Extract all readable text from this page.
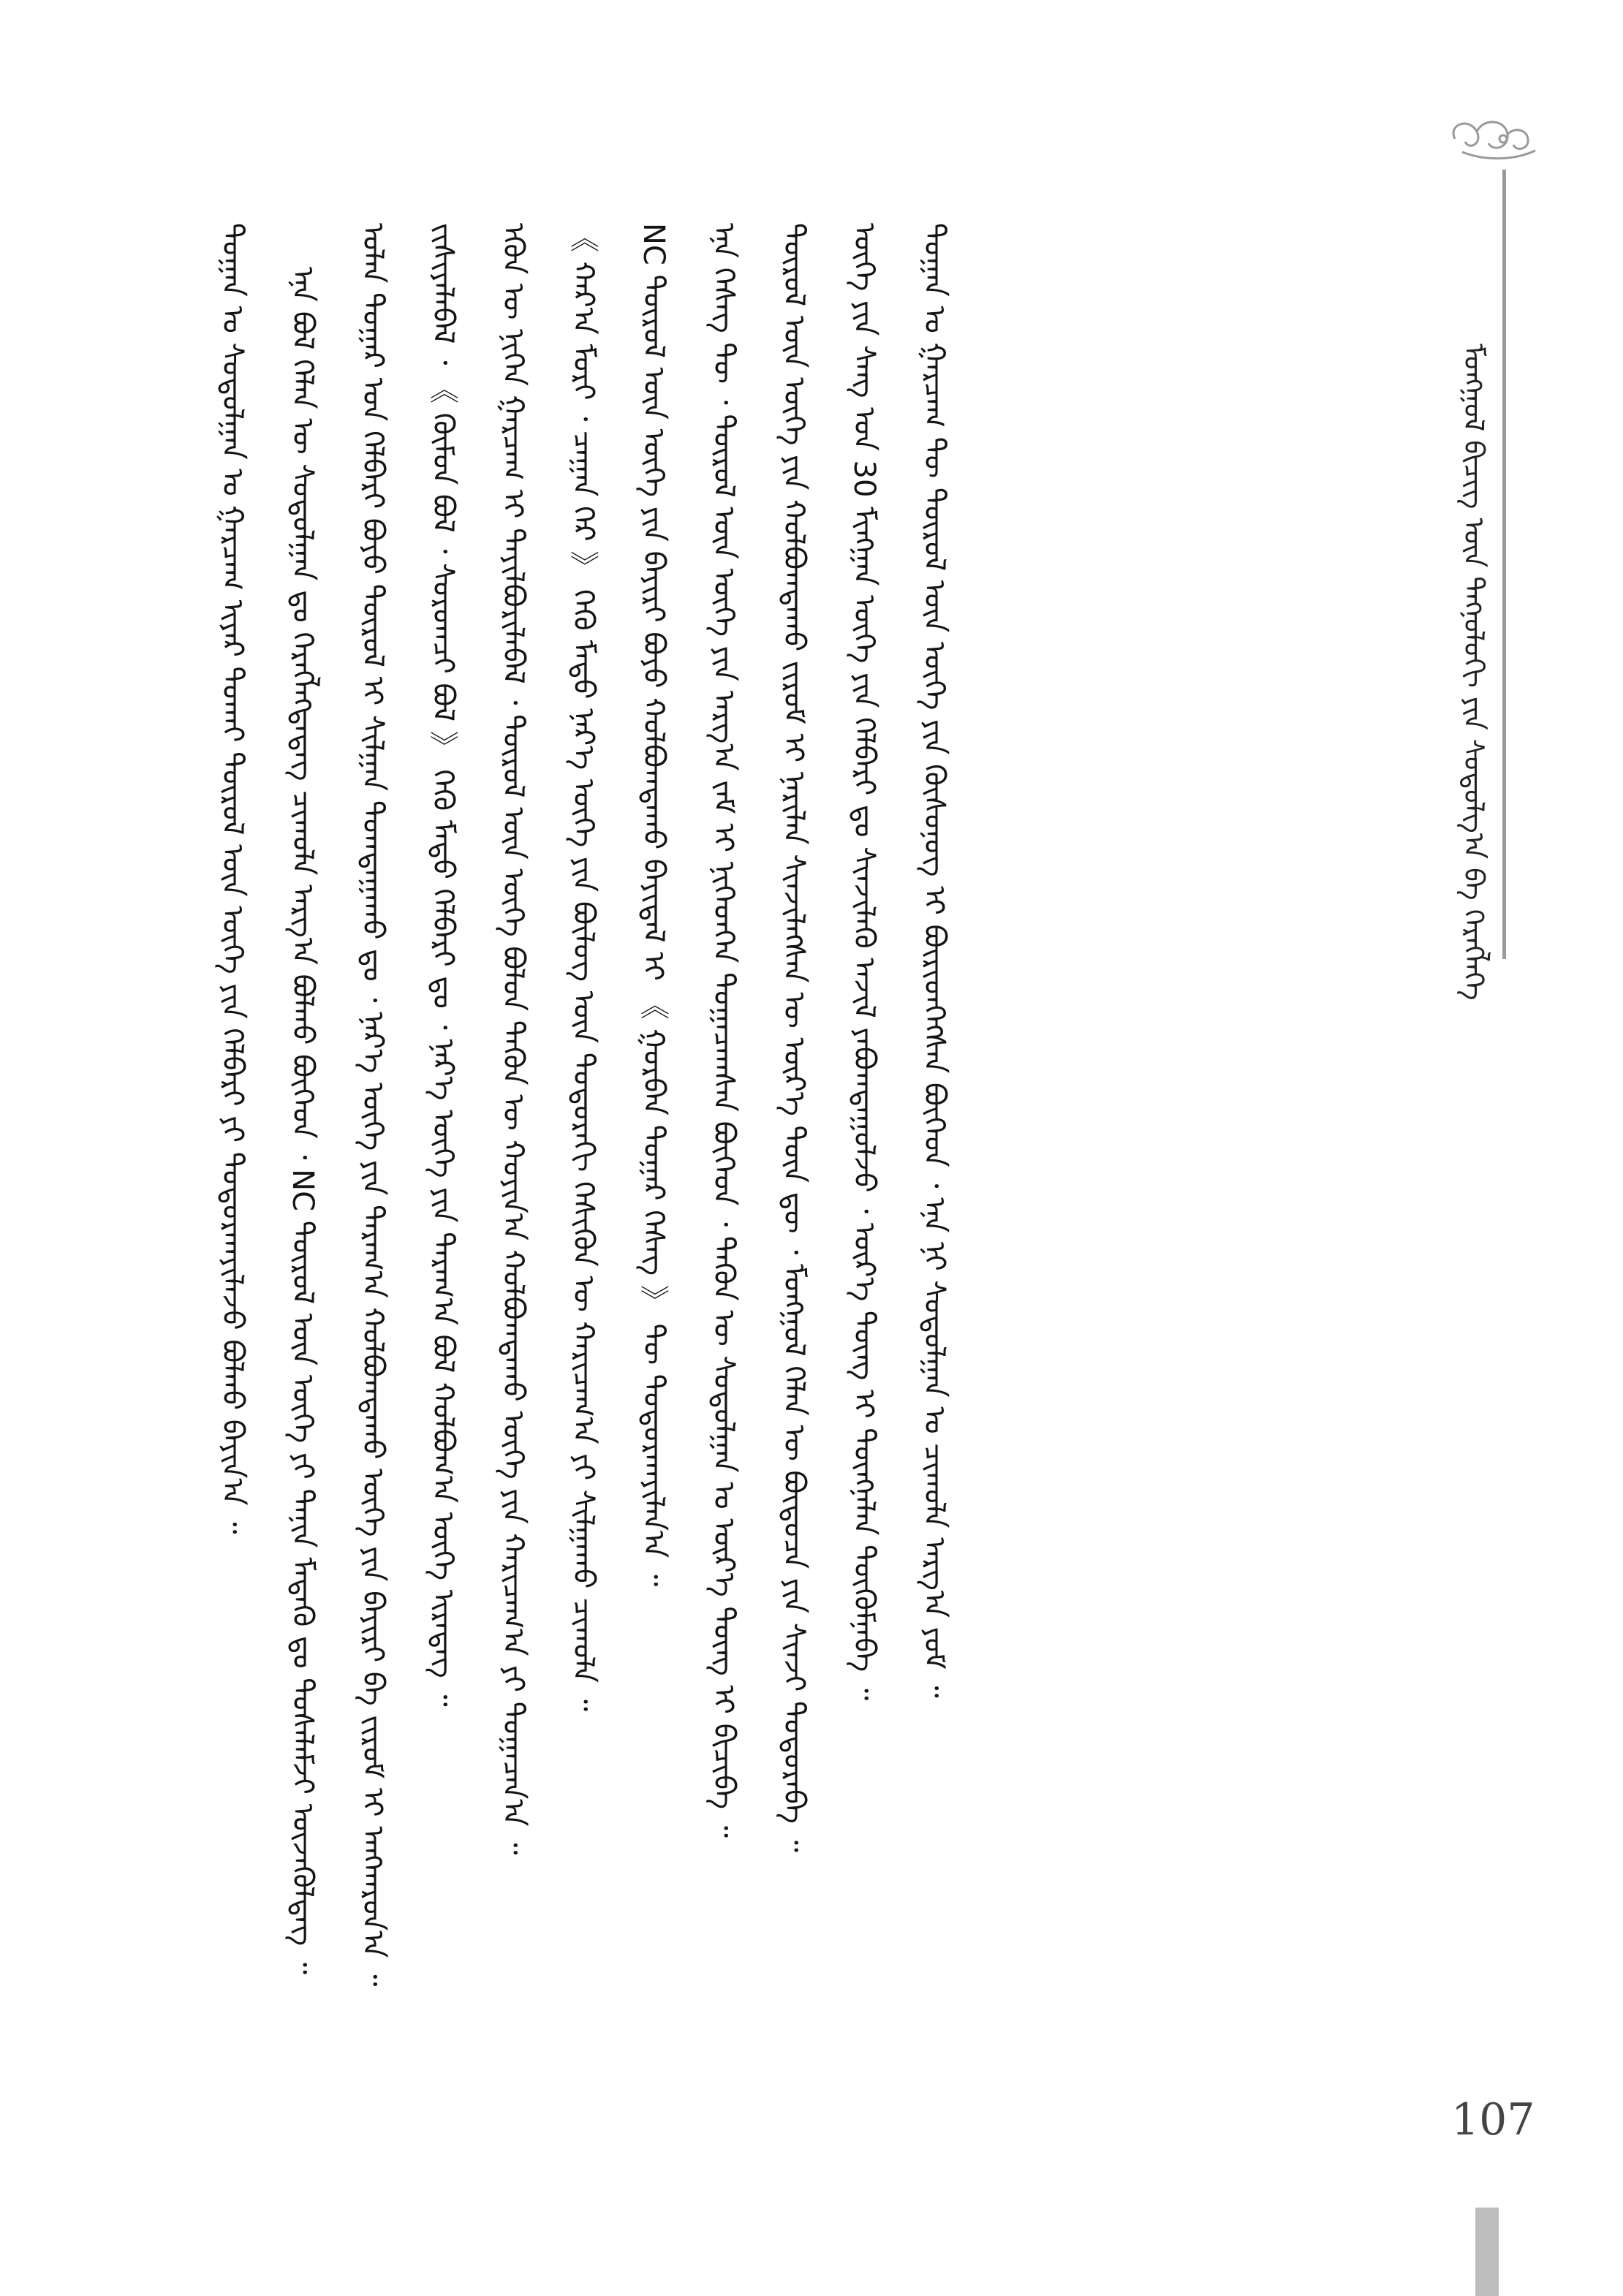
ᠮᠣᠩᠭᠣᠯ ᠪᠢᠴᠢᠭ᠌ ᠦᠨ ᠲᠡᠬᠨᠣᠯᠣᠭᠢ ᠶᠢᠨ ᠰᠤᠳᠤᠯᠭ᠎ᠠ ᠪᠠ ᠬᠡᠷᠡᠭᠯᠡᠭᠡ
107

ᠲᠣᠭᠠᠨ ᠤ ᠰᠤᠳᠤᠯᠭᠠᠨ ᠤ ᠭᠠᠷᠴᠠᠭ ᠢᠶᠡᠷ ᠲᠤᠬᠠᠢ ᠲᠦᠷᠦᠯ ᠦᠨ ᠦᠭᠡ ᠶᠢᠨ ᠬᠡᠯᠪᠡᠷᠢ ᠶᠢ ᠲᠣᠳᠣᠷᠬᠠᠶᠢᠯᠠᠵᠤ ᠪᠣᠯᠬᠤ ᠪᠠᠶᠢᠨ᠎ᠠ ᠃	ᠡᠨᠡ ᠪᠣᠯ ᠬᠡᠯᠡᠨ ᠦ ᠰᠤᠳᠤᠯᠭᠠᠨ ᠳᠤ ᠬᠡᠷᠡᠭᠯᠡᠭᠳᠡᠳᠡᠭ ᠴᠢᠬᠤᠯᠠ ᠠᠷᠭ᠎ᠠ ᠪᠣᠯᠬᠤ ᠪᠥᠭᠡᠳ ᠂ NC ᠲᠦᠷᠦᠯ ᠦᠨ ᠦᠭᠡ ᠶᠢ ᠲᠠᠨᠢᠨ ᠮᠡᠳᠡᠬᠦ ᠳᠤ ᠲᠤᠰᠠᠯᠠᠮᠵᠢ ᠦᠵᠡᠭᠦᠯᠳᠡᠭ ᠃	ᠣᠯᠠᠨ ᠳᠤᠭᠠᠷ ᠤᠨ ᠬᠡᠯᠪᠡᠷᠢ ᠪᠤᠶᠤ ᠲᠦᠷᠦᠯ ᠢ ᠰᠢᠯᠭᠠᠨ ᠲᠣᠭᠲᠠᠭᠠᠬᠤ ᠳᠤ ᠂ ᠨᠡᠷ᠎ᠡ ᠦᠭᠡ ᠶᠢᠨ ᠳᠠᠷᠠᠭ᠎ᠠ ᠬᠣᠯᠪᠣᠭᠳᠠᠬᠤ ᠦᠭᠡ ᠶᠢᠨ ᠪᠠᠶᠢᠷᠢ ᠪᠠ ᠵᠢᠷᠤᠮ ᠢ ᠠᠩᠬᠠᠷᠤᠨ᠎ᠠ ᠃	ᠵᠢᠱᠢᠶᠡᠯᠡᠪᠡᠯ ᠂ 《 ᠬᠦᠮᠦᠨ ᠪᠣᠯ ᠂ ᠰᠤᠷᠤᠭᠴᠢ ᠪᠣᠯ 》 ᠭᠡᠬᠦ ᠮᠡᠲᠦ ᠬᠡᠯᠪᠡᠷᠢ ᠳᠤ ᠂ ᠨᠡᠷ᠎ᠡ ᠦᠭᠡ ᠶᠢᠨ ᠳᠠᠷᠠᠭ᠎ᠠ ᠪᠣᠯ ᠬᠣᠯᠪᠣᠭ᠎ᠠ ᠦᠭᠡ ᠢᠷᠡᠳᠡᠭ ᠃	ᠡᠭᠦᠨ ᠦ ᠨᠢᠭᠡᠨ ᠭᠠᠷᠴᠠᠭ ᠢ ᠲᠠᠶᠢᠯᠪᠤᠷᠢᠯᠠᠪᠠᠯ ᠂ ᠲᠦᠷᠦᠯ ᠦᠨ ᠦᠭᠡ ᠪᠣᠯᠤᠨ ᠲᠡᠭᠦᠨ ᠦ ᠬᠣᠶᠢᠨ᠎ᠠ ᠬᠣᠯᠪᠣᠭᠳᠠᠬᠤ ᠦᠭᠡ ᠶᠢᠨ ᠬᠠᠷᠢᠴᠠᠭ᠎ᠠ ᠶᠢ ᠲᠣᠭᠠᠴᠠᠨ᠎ᠠ ᠃	《 ᠬᠠᠷ᠎ᠠ ᠮᠣᠷᠢ ᠂ ᠴᠠᠭᠠᠨ ᠭᠡᠷ 》 ᠭᠡᠬᠦ ᠮᠡᠲᠦ ᠨᠡᠷ᠎ᠡ ᠦᠭᠡ ᠶᠢᠨ ᠪᠦᠯᠦᠭ ᠦᠨ ᠳᠣᠲᠣᠷᠠᠬᠢ ᠭᠡᠰᠢᠭᠦᠨ ᠦ ᠬᠠᠷᠢᠴᠠᠭ᠎ᠠ ᠶᠢ ᠰᠢᠯᠭᠠᠬᠤ ᠴᠢᠬᠤᠯᠠ ᠃	NC ᠲᠦᠷᠦᠯ ᠦᠨ ᠦᠭᠡ ᠶᠢᠨ ᠪᠠᠶᠢᠷᠢ ᠪᠤᠶᠤ ᠬᠣᠯᠪᠣᠭᠳᠠᠬᠤ ᠪᠠᠶᠢᠳᠠᠯ ᠢ 《 ᠭᠤᠷᠪᠠᠨ ᠳᠤᠭᠠᠷ ᠬᠡᠰᠡᠭ 》 ᠲᠦ ᠲᠣᠳᠣᠷᠬᠠᠶᠢᠯᠠᠨ᠎ᠠ ᠃	ᠡᠨᠡ ᠬᠡᠰᠡᠭ ᠲᠦ ᠂ ᠲᠦᠷᠦᠯ ᠦᠨ ᠦᠭᠡ ᠶᠢᠨ ᠠᠷᠭ᠎ᠠ ᠵᠠᠮ ᠢ ᠨᠢᠭᠡᠳᠬᠡᠨ ᠲᠣᠭᠠᠴᠠᠭᠰᠠᠨ ᠪᠥᠭᠡᠳ ᠂ ᠲᠡᠭᠦᠨ ᠦ ᠰᠤᠳᠤᠯᠭᠠᠨ ᠤ ᠦᠷ᠎ᠡ ᠳᠦᠩ ᠢ ᠪᠢᠴᠢᠪᠡ ᠃	ᠲᠦᠷᠦᠯ ᠦᠨ ᠦᠭᠡ ᠶᠢᠨ ᠬᠣᠯᠪᠣᠭᠳᠠᠬᠤ ᠵᠢᠷᠤᠮ ᠢ ᠨᠠᠷᠢᠯᠠᠨ ᠰᠢᠨᠵᠢᠯᠡᠭᠰᠡᠨ ᠦ ᠦᠷ᠎ᠡ ᠳᠦᠨ ᠳᠦ ᠂ ᠮᠣᠩᠭᠣᠯ ᠬᠡᠯᠡᠨ ᠦ ᠪᠦᠲᠦᠴᠡ ᠶᠢᠨ ᠰᠢᠨᠵᠢ ᠲᠣᠳᠣᠷᠠᠪᠠ ᠃	ᠦᠭᠡ ᠶᠢᠨ ᠰᠠᠩ ᠤᠨ 30 ᠮᠢᠩᠭᠠᠨ ᠦᠭᠡ ᠶᠢᠨ ᠬᠡᠯᠪᠡᠷᠢ ᠳᠤ ᠰᠢᠨᠵᠢᠯᠡᠬᠦ ᠠᠵᠢᠯ ᠶᠠᠪᠤᠭᠳᠠᠭᠤᠯᠵᠤ ᠂ ᠦᠷ᠎ᠡ ᠳᠦᠩ ᠢ ᠳᠦᠩᠨᠡᠯᠡᠨ ᠳᠦᠭᠦᠮᠨᠡᠪᠡ ᠃	ᠲᠣᠭᠠᠨ ᠤ ᠭᠠᠷᠴᠠᠭ ᠲᠦ ᠲᠦᠷᠦᠯ ᠦᠨ ᠦᠭᠡ ᠶᠢᠨ ᠬᠦᠰᠦᠨᠦᠭ ᠢ ᠪᠦᠷᠢᠳᠬᠡᠭᠰᠡᠨ ᠪᠥᠭᠡᠳ ᠂ ᠡᠨᠡ ᠨᠢ ᠰᠤᠳᠤᠯᠭᠠᠨ ᠤ ᠴᠢᠬᠤᠯᠠ ᠠᠷᠭ᠎ᠠ ᠶᠤᠮ ᠃
